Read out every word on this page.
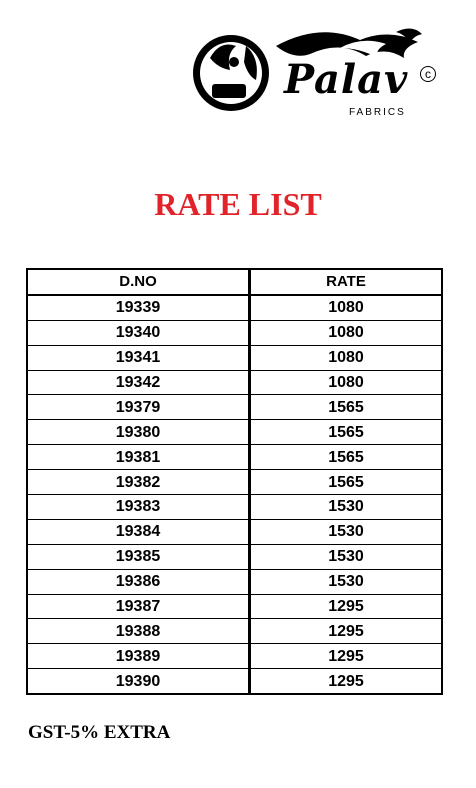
Palav	c
FABRICS
RATE LIST
D.NO	RATE
19339	1080
19340	1080
19341	1080
19342	1080
19379	1565
19380	1565
19381	1565
19382	1565
19383	1530
19384	1530
19385	1530
19386	1530
19387	1295
19388	1295
19389	1295
19390	1295
GST-5% EXTRA
